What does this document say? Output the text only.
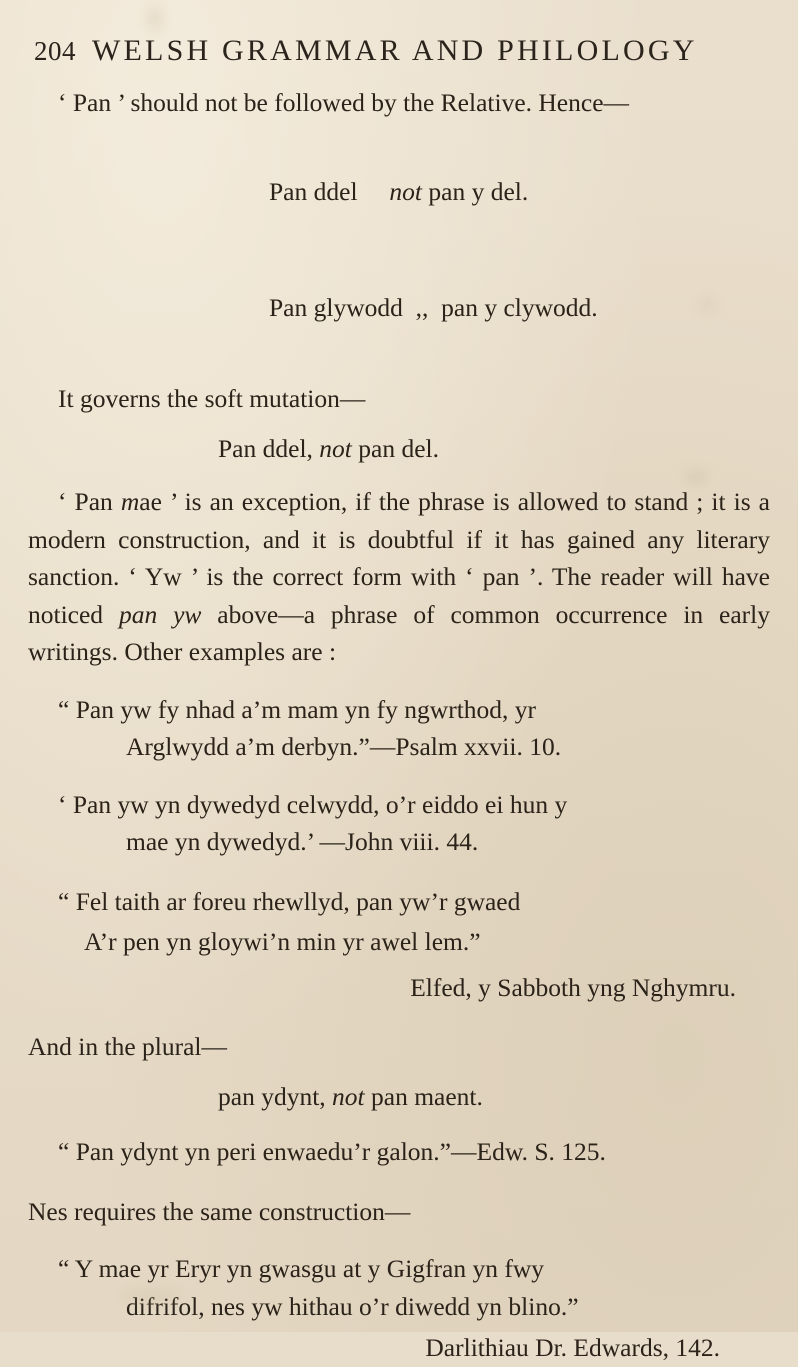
204 WELSH GRAMMAR AND PHILOLOGY

‘ Pan ’ should not be followed by the Relative. Hence—

Pan ddel not pan y del.

Pan glywodd ,, pan y clywodd.

It governs the soft mutation—

Pan ddel, not pan del.

‘ Pan mae ’ is an exception, if the phrase is allowed to stand ; it is a modern construction, and it is doubtful if it has gained any literary sanction. ‘ Yw ’ is the correct form with ‘ pan ’. The reader will have noticed pan yw above—a phrase of common occurrence in early writings. Other examples are :

“ Pan yw fy nhad a’m mam yn fy ngwrthod, yr
Arglwydd a’m derbyn.”—Psalm xxvii. 10.
‘ Pan yw yn dywedyd celwydd, o’r eiddo ei hun y
mae yn dywedyd.’ —John viii. 44.

“ Fel taith ar foreu rhewllyd, pan yw’r gwaed

A’r pen yn gloywi’n min yr awel lem.”

Elfed, y Sabboth yng Nghymru.

And in the plural—

pan ydynt, not pan maent.

“ Pan ydynt yn peri enwaedu’r galon.”—Edw. S. 125.

Nes requires the same construction—

“ Y mae yr Eryr yn gwasgu at y Gigfran yn fwy
difrifol, nes yw hithau o’r diwedd yn blino.”

Darlithiau Dr. Edwards, 142.
